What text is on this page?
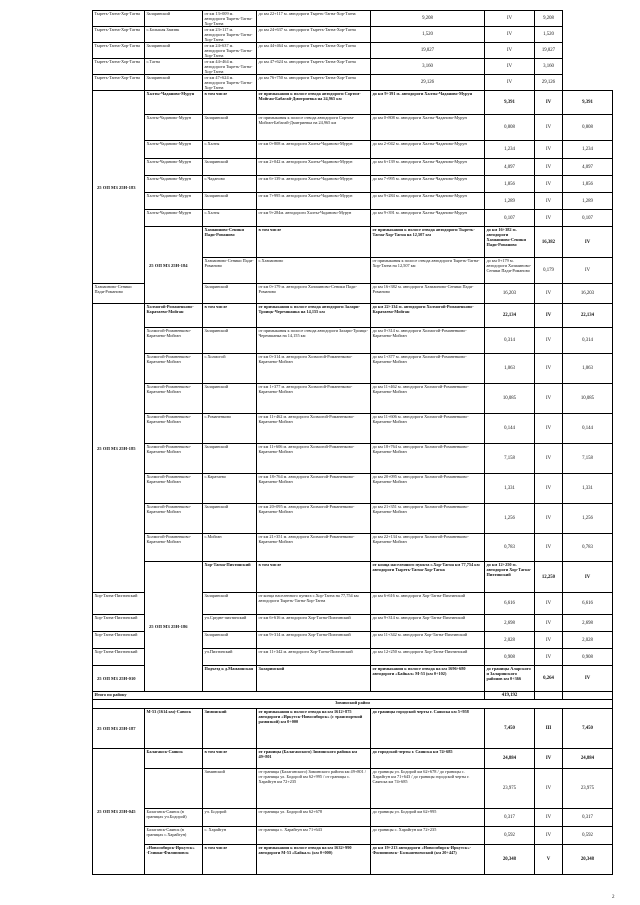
Тыреть-Тагна-Хор-Тагна	Заларинский	от км 13+009 м. автодороги Тыреть-Тагна-Хор-Тагна	до км 22+117 м. автодороги Тыреть-Тагна-Хор-Тагна	9,208	IV	9,208		
Тыреть-Тагна-Хор-Тагна	с.Большая Замэвк	от км 23+117 м. автодороги Тыреть-Тагна-Хор-Тагна	до км 24+637 м. автодороги Тыреть-Тагна-Хор-Тагна	1,520	IV	1,520		
Тыреть-Тагна-Хор-Тагна	Заларинский	от км 24+637 м. автодороги Тыреть-Тагна-Хор-Тагна	до км 44+464 м. автодороги Тыреть-Тагна-Хор-Тагна	19,827	IV	19,827		
Тыреть-Тагна-Хор-Тагна	с.Тагна	от км 44+464 м. автодороги Тыреть-Тагна-Хор-Тагна	до км 47+624 м. автодороги Тыреть-Тагна-Хор-Тагна	3,160	IV	3,160		
Тыреть-Тагна-Хор-Тагна	Заларинский	от км 47+624 м. автодороги Тыреть-Тагна-Хор-Тагна	до км 76+750 м. автодороги Тыреть-Тагна-Хор-Тагна	29,126	IV	29,126		
25 ОП МЗ 25Н-183	Халты-Чаданово-Мурун	в том числе	от примыкания к полосе отвода автодороги Сортом-Мойган-Бабагай-Дмитриевка на 24,965 км	до км 9+391 м. автодороги Халты-Чаданово-Мурун	9,391	IV	9,391	
	Халты-Чаданово-Мурун	Заларинский	от примыкания к полосе отвода автодороги Сортом-Мойган-Бабагай-Дмитриевка на 24,965 км	до км 0+808 м. автодороги Халты-Чаданово-Мурун	0,808	IV	0,808	
	Халты-Чаданово-Мурун	с.Халты	от км 0+808 м. автодороги Халты-Чаданово-Мурун	до км 2+042 м. автодороги Халты-Чаданово-Мурун	1,234	IV	1,234	
	Халты-Чаданово-Мурун	Заларинский	от км 2+042 м. автодороги Халты-Чаданово-Мурун	до км 6+139 м. автодороги Халты-Чаданово-Мурун	4,097	IV	4,097	
	Халты-Чаданово-Мурун	с.Чаданово	от км 6+139 м. автодороги Халты-Чаданово-Мурун	до км 7+995 м. автодороги Халты-Чаданово-Мурун	1,856	IV	1,856	
	Халты-Чаданово-Мурун	Заларинский	от км 7+995 м. автодороги Халты-Чаданово-Мурун	до км 9+284 м. автодороги Халты-Чаданово-Мурун	1,289	IV	1,289	
	Халты-Чаданово-Мурун	с.Халты	от км 9+284м. автодороги Халты-Чаданово-Мурун	до км 9+391 м. автодороги Халты-Чаданово-Мурун	0,107	IV	0,107	
	25 ОП МЗ 25Н-184	Хазиаиново-Сеники Пади-Романово	в том числе	от примыкания к полосе отвода автодороги Тыреть-Тагна-Хор-Тагна на 12,507 км	до км 16+382 м. автодороги Хазиаиново-Сеники Пади-Романово	16,382	IV	
		Хазиаиново-Сеники Пади-Романово	с.Хазиаиново	от примыкания к полосе отвода автодороги Тыреть-Тагна-Хор-Тагна на 12,507 км	до км 0+179 м. автодороги Хазиаиново-Сеники Пади-Романово	0,179	IV	
Хазиаиново-Сеники Пади-Романово		Заларинский	от км 0+179 м. автодороги Хазиаиново-Сеники Пади-Романово	до км 16+382 м. автодороги Хазиаиново-Сеники Пади-Романово	16,203	IV	16,203	
25 ОП МЗ 25Н-185	Холмогой-Романенково-Каратаево-Мойган	в том числе	от примыкания к полосе отвода автодороги Залари-Троицк-Черемшанка на 14,155 км	до км 22+134 м. автодороги Холмогой-Романенково-Каратаево-Мойган	22,134	IV	22,134	
	Холмогой-Романенково-Каратаево-Мойган	Заларинский	от примыкания к полосе отвода автодороги Залари-Троицк-Черемшанка на 14,155 км	до км 0+314 м. автодороги Холмогой-Романенково-Каратаево-Мойган	0,314	IV	0,314	
	Холмогой-Романенково-Каратаево-Мойган	с.Холмогой	от км 0+314 м. автодороги Холмогой-Романенково-Каратаево-Мойган	до км 1+377 м. автодороги Холмогой-Романенково-Каратаево-Мойган	1,063	IV	1,063	
	Холмогой-Романенково-Каратаево-Мойган	Заларинский	от км 1+377 м. автодороги Холмогой-Романенково-Каратаево-Мойган	до км 11+462 м. автодороги Холмогой-Романенково-Каратаево-Мойган	10,085	IV	10,085	
	Холмогой-Романенково-Каратаево-Мойган	с.Романенково	от км 11+462 м. автодороги Холмогой-Романенково-Каратаево-Мойган	до км 11+606 м. автодороги Холмогой-Романенково-Каратаево-Мойган	0,144	IV	0,144	
	Холмогой-Романенково-Каратаево-Мойган	Заларинский	от км 11+606 м. автодороги Холмогой-Романенково-Каратаево-Мойган	до км 18+764 м. автодороги Холмогой-Романенково-Каратаево-Мойган	7,158	IV	7,158	
	Холмогой-Романенково-Каратаево-Мойган	с.Каратаево	от км 18+764 м. автодороги Холмогой-Романенково-Каратаево-Мойган	до км 20+095 м. автодороги Холмогой-Романенково-Каратаево-Мойган	1,331	IV	1,331	
	Холмогой-Романенково-Каратаево-Мойган	Заларинский	от км 20+095 м. автодороги Холмогой-Романенково-Каратаево-Мойган	до км 21+351 м. автодороги Холмогой-Романенково-Каратаево-Мойган	1,256	IV	1,256	
	Холмогой-Романенково-Каратаево-Мойган	с.Мойган	от км 21+351 м. автодороги Холмогой-Романенково-Каратаево-Мойган	до км 22+134 м. автодороги Холмогой-Романенково-Каратаево-Мойган	0,783	IV	0,783	
	25 ОП МЗ 25Н-186	Хор-Тагна-Пихтинский	в том числе	от конца населенного пункта с.Хор-Тагна км 77,754 км автодороги Тыреть-Тагна-Хор-Тагна	до км 12+250 м. автодороги Хор-Тагна-Пихтинский	12,250	IV	
Хор-Тагна-Пихтинский		Заларинский	от конца населенного пункта с.Хор-Тагна на 77,754 км автодороги Тыреть-Тагна-Хор-Тагна	до км 6+616 м. автодороги Хор-Тагна-Пихтинский	6,616	IV	6,616	
Хор-Тагна-Пихтинский		уч.Средне-пихтинский	от км 6+616 м. автодороги Хор-Тагна-Пихтинский	до км 9+314 м. автодороги Хор-Тагна-Пихтинский	2,698	IV	2,698	
Хор-Тагна-Пихтинский		Заларинский	от км 9+314 м. автодороги Хор-Тагна-Пихтинский	до км 11+342 м. автодороги Хор-Тагна-Пихтинский	2,028	IV	2,028	
Хор-Тагна-Пихтинский		уч.Пихтинский	от км 11+342 м. автодороги Хор-Тагна-Пихтинский	до км 12+250 м. автодороги Хор-Тагна-Пихтинский	0,908	IV	0,908	
25 ОП МЗ 25Н-010		Подъезд к д.Мамаинская	Заларинский	от примыкания к полосе отвода на км 1696+680 автодороги «Байкал» М-53 (км 0+102)	до границы Аларского и Заларинского районов км 0+366	0,264	IV	
Итого по району					419,192			
Зиминский район								
25 ОП МЗ 25Н-187	М-53 (1614 км)-Сависк	Зиминский	от примыкания к полосе отвода на км 1612+875 автодороги «Иркутск-Новосибирск» (с транспортной развязкой) км 0+000	до границы городской черты г. Саянска км 5+958	7,450	III	7,450	
25 ОП МЗ 25Н-045	Балаганск-Саянск	в том числе	от границы (Балаганского) Зиминского района км 49+801	до городской черты г. Саянска км 74+685	24,884	IV	24,884	
		Зиминский	от границы (Балаганского) Зиминского района км 49+801 / от границы ул. Бодорой км 62+995 / от границы с. Харайгун км 72+235	до границы ул. Бодорой км 62+678 / до границы с. Харайгун км 71+643 / до границы городской черты г. Саянска км 74+685	23,975	IV	23,975	
	Балаганск-Саянск (в границах уч.Бодорой)	уч. Бодорой	от границы ул. Бодорой км 62+678	до границы ул. Бодорой км 62+995	0,317	IV	0,317	
	Балаганск-Саянск (в границах с.Харайгун)	с. Харайгун	от границы с. Харайгун км 71+643	до границы с. Харайгун км 72+235	0,592	IV	0,592	
	«Новосибирск-Иркутск» -Глинки-Филипповск	в том числе	от примыкания к полосе отвода на км 1632+990 автодороги М-53 «Байкал» (км 0+000)	до км 19+213 автодороги «Новосибирск-Иркутск»-Филипповск- Большевоенский (км 20+447)	20,348	V	20,348	
2
